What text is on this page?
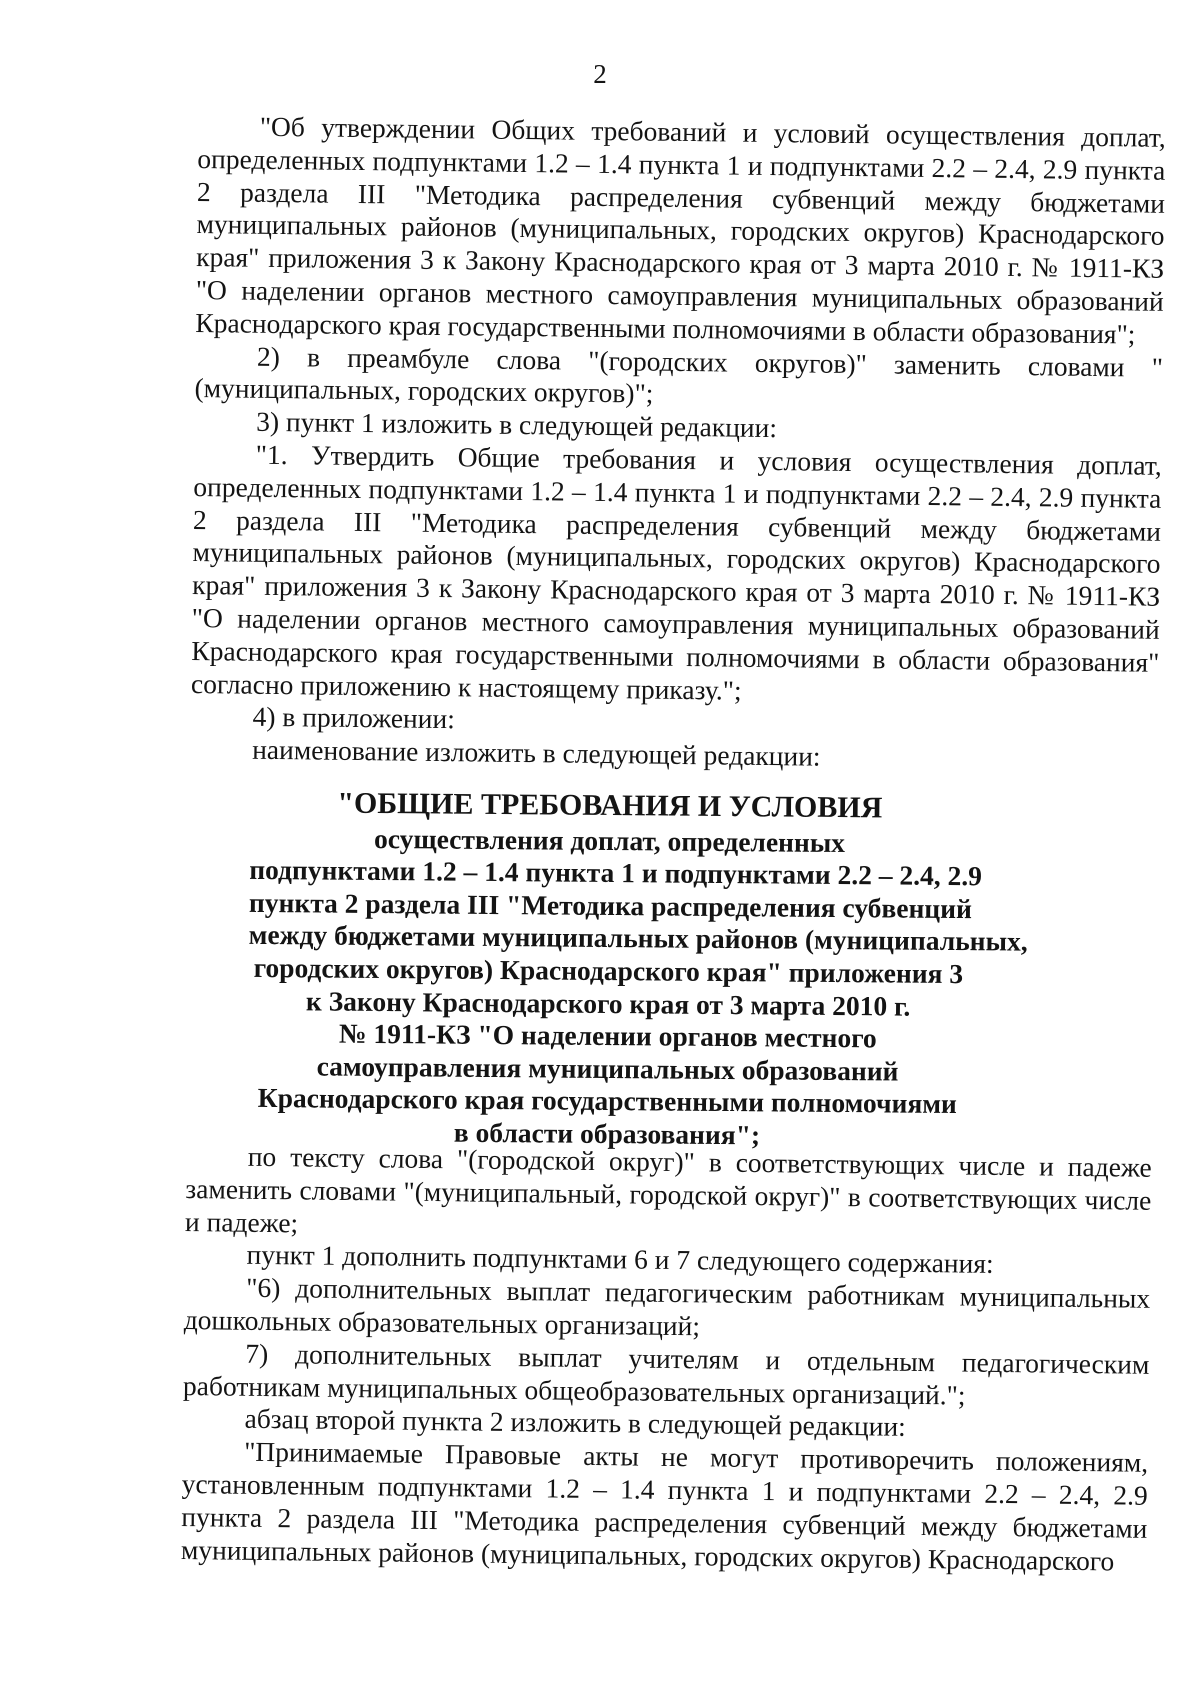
2

"Об утверждении Общих требований и условий осуществления доплат, определенных подпунктами 1.2 – 1.4 пункта 1 и подпунктами 2.2 – 2.4, 2.9 пункта 2 раздела III "Методика распределения субвенций между бюджетами муниципальных районов (муниципальных, городских округов) Краснодарского края" приложения 3 к Закону Краснодарского края от 3 марта 2010 г. № 1911-КЗ "О наделении органов местного самоуправления муниципальных образований Краснодарского края государственными полномочиями в области образования";

2) в преамбуле слова "(городских округов)" заменить словами "(муниципальных, городских округов)";

3) пункт 1 изложить в следующей редакции:

"1. Утвердить Общие требования и условия осуществления доплат, определенных подпунктами 1.2 – 1.4 пункта 1 и подпунктами 2.2 – 2.4, 2.9 пункта 2 раздела III "Методика распределения субвенций между бюджетами муниципальных районов (муниципальных, городских округов) Краснодарского края" приложения 3 к Закону Краснодарского края от 3 марта 2010 г. № 1911-КЗ "О наделении органов местного самоуправления муниципальных образований Краснодарского края государственными полномочиями в области образования" согласно приложению к настоящему приказу.";

4) в приложении:

наименование изложить в следующей редакции:

"ОБЩИЕ ТРЕБОВАНИЯ И УСЛОВИЯ
осуществления доплат, определенных
подпунктами 1.2 – 1.4 пункта 1 и подпунктами 2.2 – 2.4, 2.9
пункта 2 раздела III "Методика распределения субвенций
между бюджетами муниципальных районов (муниципальных,
городских округов) Краснодарского края" приложения 3
к Закону Краснодарского края от 3 марта 2010 г.
№ 1911-КЗ "О наделении органов местного
самоуправления муниципальных образований
Краснодарского края государственными полномочиями
в области образования";

по тексту слова "(городской округ)" в соответствующих числе и падеже заменить словами "(муниципальный, городской округ)" в соответствующих числе и падеже;

пункт 1 дополнить подпунктами 6 и 7 следующего содержания:

"6) дополнительных выплат педагогическим работникам муниципальных дошкольных образовательных организаций;

7) дополнительных выплат учителям и отдельным педагогическим работникам муниципальных общеобразовательных организаций.";

абзац второй пункта 2 изложить в следующей редакции:

"Принимаемые Правовые акты не могут противоречить положениям, установленным подпунктами 1.2 – 1.4 пункта 1 и подпунктами 2.2 – 2.4, 2.9 пункта 2 раздела III "Методика распределения субвенций между бюджетами муниципальных районов (муниципальных, городских округов) Краснодарского
